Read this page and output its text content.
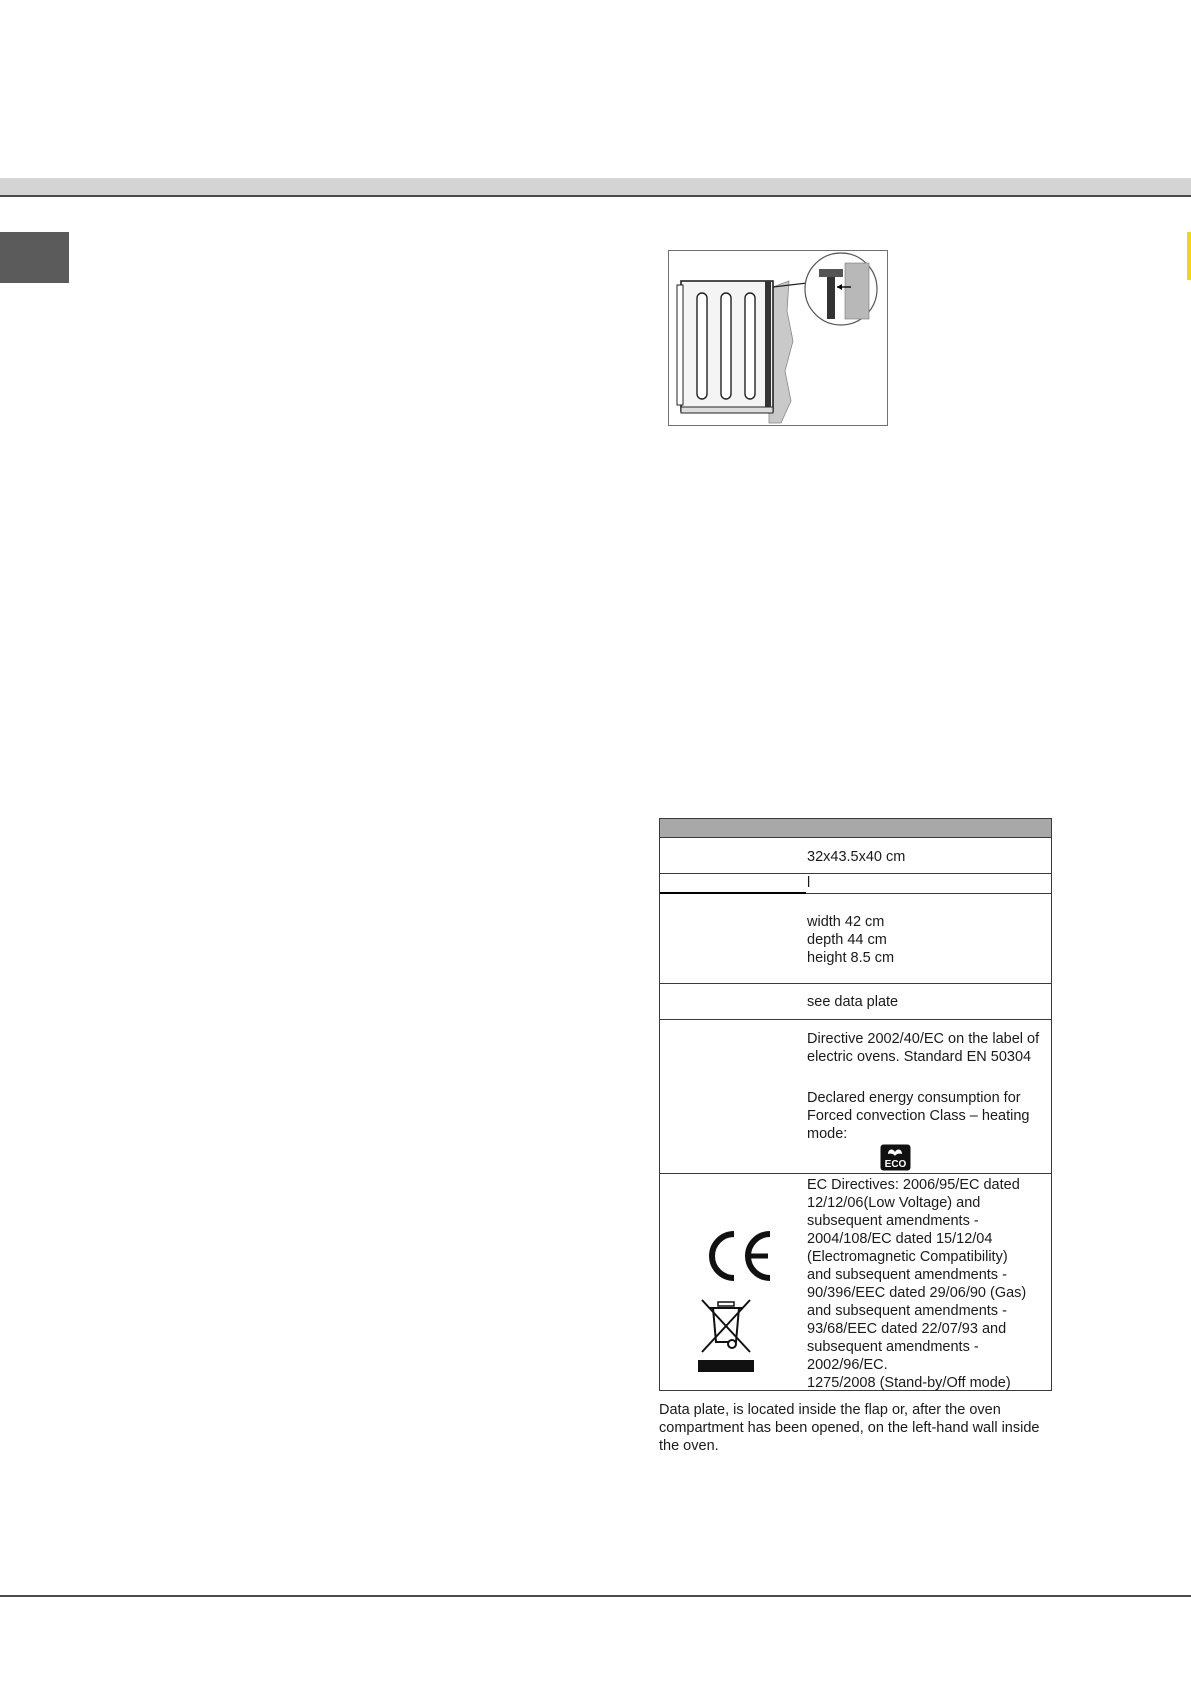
32x43.5x40 cm
l
width 42 cm
depth 44 cm
height 8.5 cm
see data plate
Directive 2002/40/EC on the label of electric ovens. Standard EN 50304
Declared energy consumption for Forced convection Class – heating mode:
ECO
EC Directives: 2006/95/EC dated
12/12/06(Low Voltage) and
subsequent amendments -
2004/108/EC dated 15/12/04
(Electromagnetic Compatibility)
and subsequent amendments -
90/396/EEC dated 29/06/90 (Gas)
and subsequent amendments -
93/68/EEC dated 22/07/93 and
subsequent amendments -
2002/96/EC.
1275/2008 (Stand-by/Off mode)
Data plate, is located inside the flap or, after the oven compartment has been opened, on the left-hand wall inside the oven.
